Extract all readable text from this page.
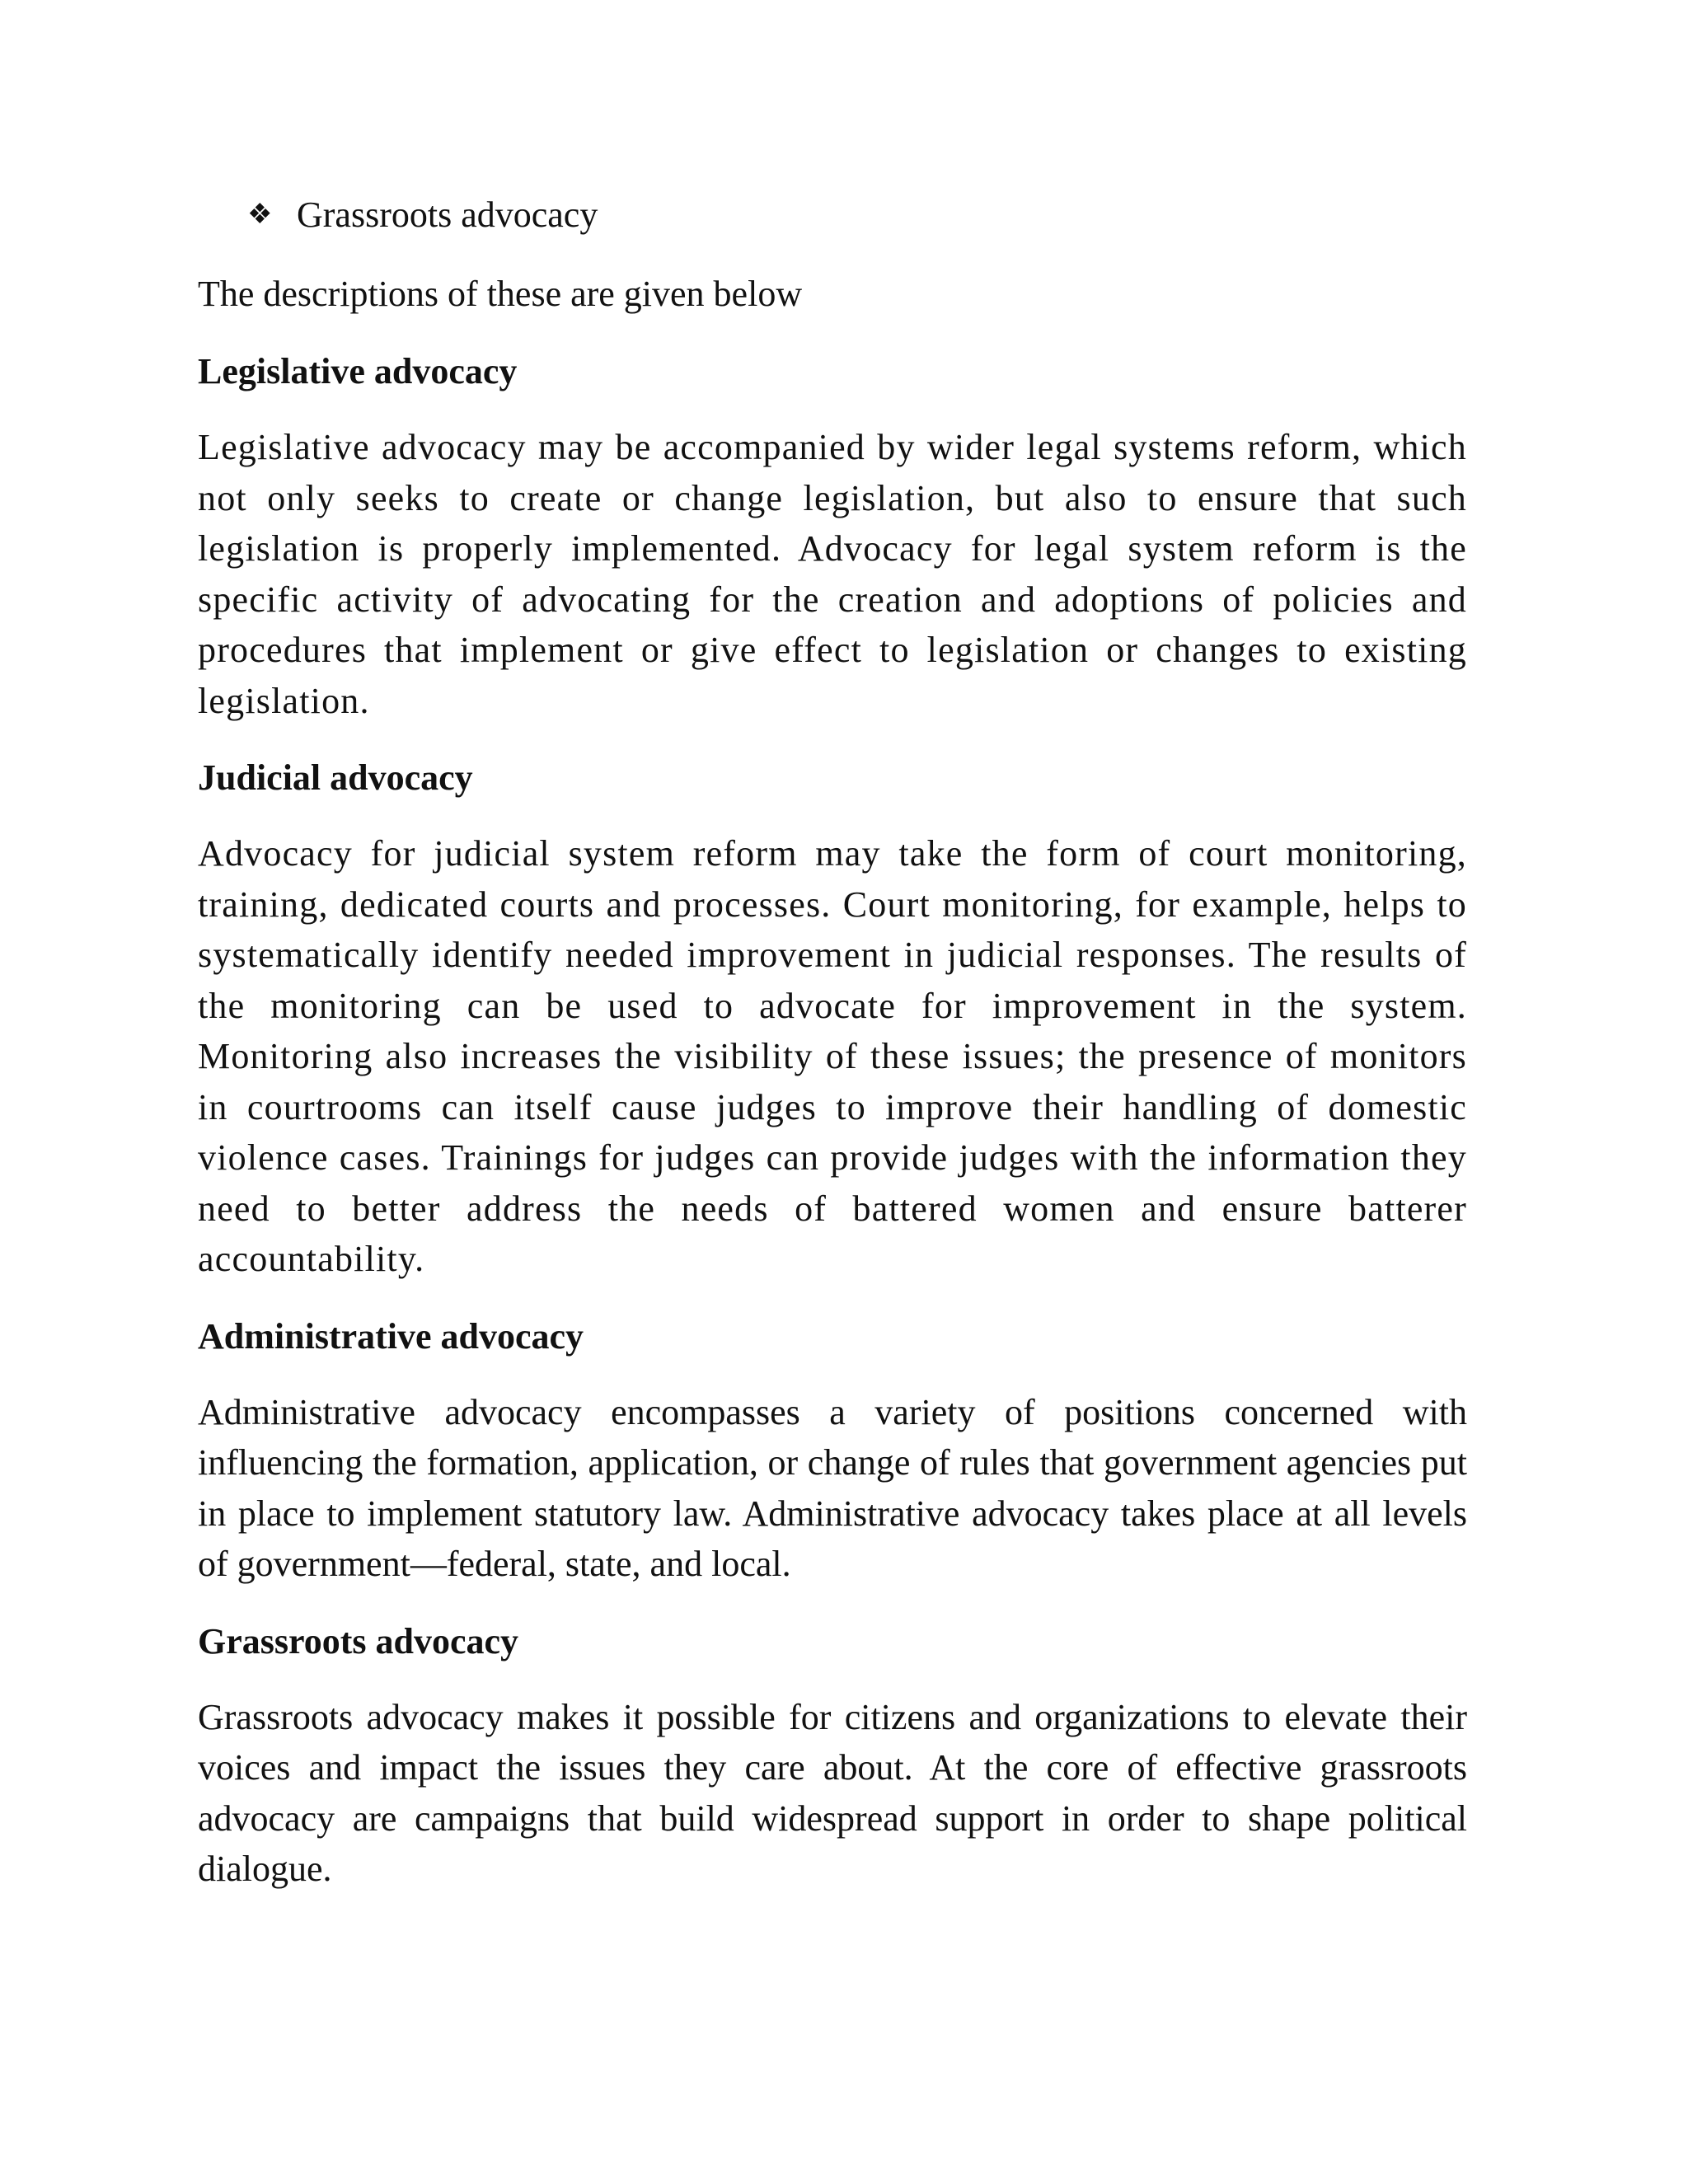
❖ Grassroots advocacy

The descriptions of these are given below

Legislative advocacy

Legislative advocacy may be accompanied by wider legal systems reform, which not only seeks to create or change legislation, but also to ensure that such legislation is properly implemented. Advocacy for legal system reform is the specific activity of advocating for the creation and adoptions of policies and procedures that implement or give effect to legislation or changes to existing legislation.

Judicial advocacy

Advocacy for judicial system reform may take the form of court monitoring, training, dedicated courts and processes. Court monitoring, for example, helps to systematically identify needed improvement in judicial responses. The results of the monitoring can be used to advocate for improvement in the system. Monitoring also increases the visibility of these issues; the presence of monitors in courtrooms can itself cause judges to improve their handling of domestic violence cases. Trainings for judges can provide judges with the information they need to better address the needs of battered women and ensure batterer accountability.

Administrative advocacy

Administrative advocacy encompasses a variety of positions concerned with influencing the formation, application, or change of rules that government agencies put in place to implement statutory law. Administrative advocacy takes place at all levels of government—federal, state, and local.

Grassroots advocacy

Grassroots advocacy makes it possible for citizens and organizations to elevate their voices and impact the issues they care about. At the core of effective grassroots advocacy are campaigns that build widespread support in order to shape political dialogue.
